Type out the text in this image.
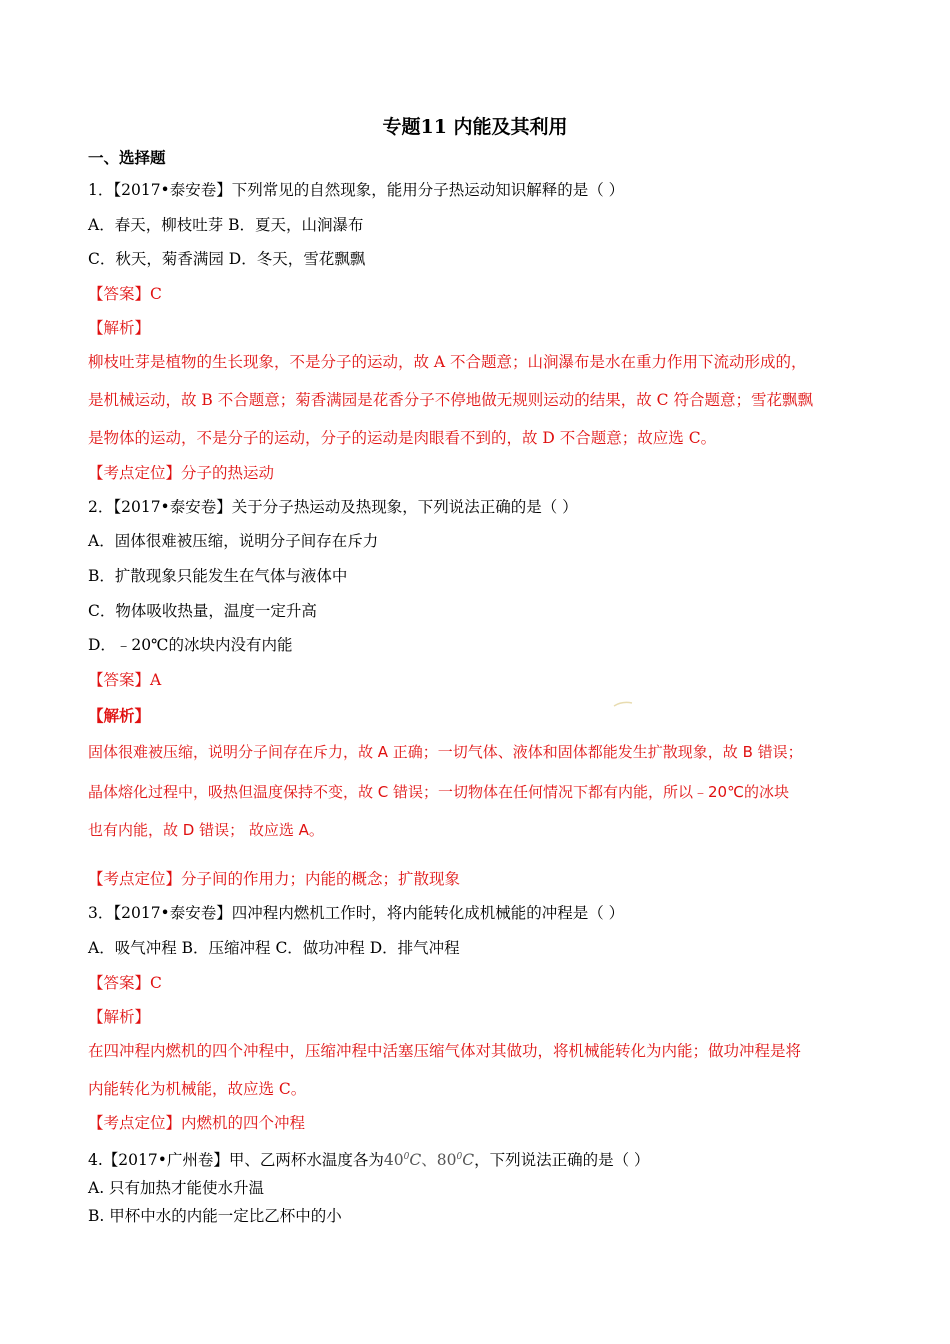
专题11 内能及其利用
一、选择题
1．【2017•泰安卷】下列常见的自然现象，能用分子热运动知识解释的是（ ）
A．春天，柳枝吐芽 B．夏天，山涧瀑布
C．秋天，菊香满园 D．冬天，雪花飘飘
【答案】C
【解析】
柳枝吐芽是植物的生长现象，不是分子的运动，故 A 不合题意；山涧瀑布是水在重力作用下流动形成的，
是机械运动，故 B 不合题意；菊香满园是花香分子不停地做无规则运动的结果，故 C 符合题意；雪花飘飘
是物体的运动，不是分子的运动，分子的运动是肉眼看不到的，故 D 不合题意；故应选 C。
【考点定位】分子的热运动
2．【2017•泰安卷】关于分子热运动及热现象，下列说法正确的是（ ）
A．固体很难被压缩，说明分子间存在斥力
B．扩散现象只能发生在气体与液体中
C．物体吸收热量，温度一定升高
D．﹣20℃的冰块内没有内能
【答案】A
【解析】
固体很难被压缩，说明分子间存在斥力，故 A 正确；一切气体、液体和固体都能发生扩散现象，故 B 错误；
晶体熔化过程中，吸热但温度保持不变，故 C 错误；一切物体在任何情况下都有内能，所以﹣20℃的冰块
也有内能，故 D 错误； 故应选 A。
【考点定位】分子间的作用力；内能的概念；扩散现象
3．【2017•泰安卷】四冲程内燃机工作时，将内能转化成机械能的冲程是（ ）
A．吸气冲程 B．压缩冲程 C．做功冲程 D．排气冲程
【答案】C
【解析】
在四冲程内燃机的四个冲程中，压缩冲程中活塞压缩气体对其做功，将机械能转化为内能；做功冲程是将
内能转化为机械能，故应选 C。
【考点定位】内燃机的四个冲程
4.【2017•广州卷】甲、乙两杯水温度各为$40^0C$、$80^0C$，下列说法正确的是（ ）
A. 只有加热才能使水升温
B. 甲杯中水的内能一定比乙杯中的小
